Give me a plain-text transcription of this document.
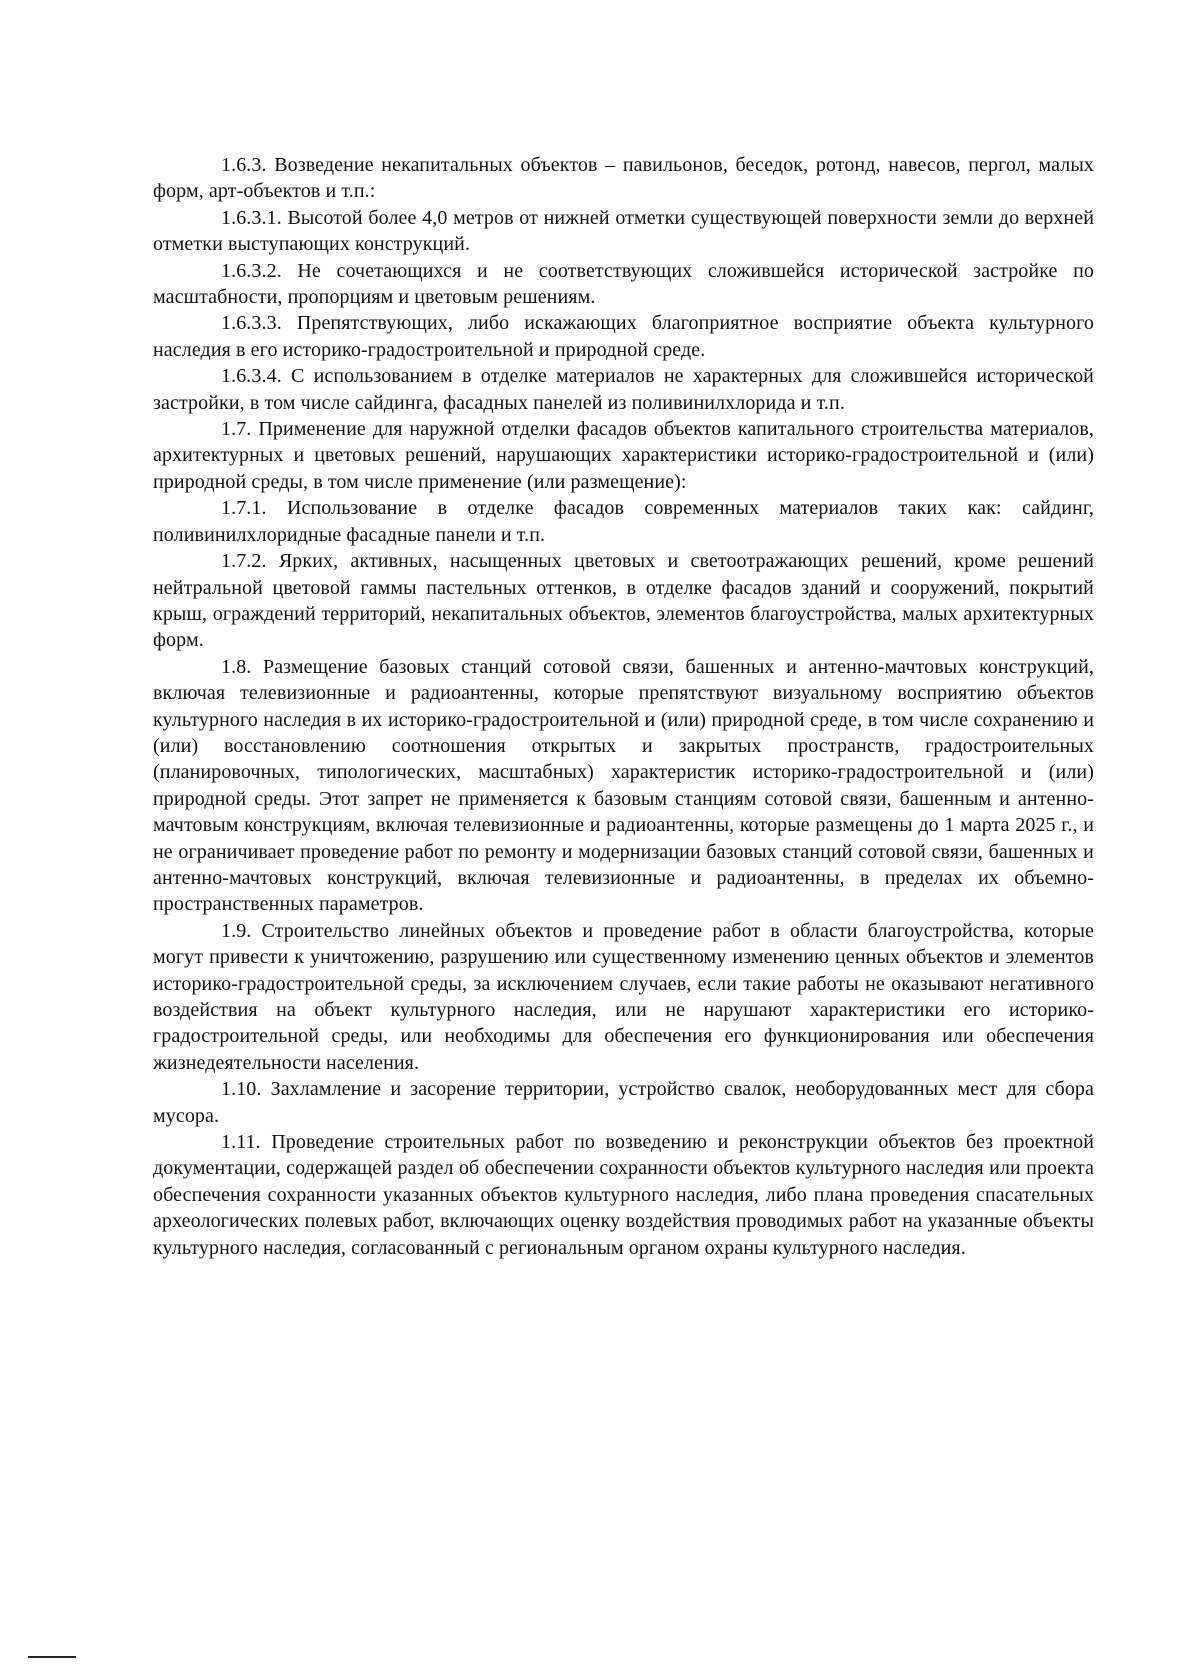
1.6.3. Возведение некапитальных объектов – павильонов, беседок, ротонд, навесов, пергол, малых форм, арт-объектов и т.п.:

1.6.3.1. Высотой более 4,0 метров от нижней отметки существующей поверхности земли до верхней отметки выступающих конструкций.

1.6.3.2. Не сочетающихся и не соответствующих сложившейся исторической застройке по масштабности, пропорциям и цветовым решениям.

1.6.3.3. Препятствующих, либо искажающих благоприятное восприятие объекта культурного наследия в его историко-градостроительной и природной среде.

1.6.3.4. С использованием в отделке материалов не характерных для сложившейся исторической застройки, в том числе сайдинга, фасадных панелей из поливинилхлорида и т.п.

1.7. Применение для наружной отделки фасадов объектов капитального строительства материалов, архитектурных и цветовых решений, нарушающих характеристики историко-градостроительной и (или) природной среды, в том числе применение (или размещение):

1.7.1. Использование в отделке фасадов современных материалов таких как: сайдинг, поливинилхлоридные фасадные панели и т.п.

1.7.2. Ярких, активных, насыщенных цветовых и светоотражающих решений, кроме решений нейтральной цветовой гаммы пастельных оттенков, в отделке фасадов зданий и сооружений, покрытий крыш, ограждений территорий, некапитальных объектов, элементов благоустройства, малых архитектурных форм.

1.8. Размещение базовых станций сотовой связи, башенных и антенно-мачтовых конструкций, включая телевизионные и радиоантенны, которые препятствуют визуальному восприятию объектов культурного наследия в их историко-градостроительной и (или) природной среде, в том числе сохранению и (или) восстановлению соотношения открытых и закрытых пространств, градостроительных (планировочных, типологических, масштабных) характеристик историко-градостроительной и (или) природной среды. Этот запрет не применяется к базовым станциям сотовой связи, башенным и антенно-мачтовым конструкциям, включая телевизионные и радиоантенны, которые размещены до 1 марта 2025 г., и не ограничивает проведение работ по ремонту и модернизации базовых станций сотовой связи, башенных и антенно-мачтовых конструкций, включая телевизионные и радиоантенны, в пределах их объемно-пространственных параметров.

1.9. Строительство линейных объектов и проведение работ в области благоустройства, которые могут привести к уничтожению, разрушению или существенному изменению ценных объектов и элементов историко-градостроительной среды, за исключением случаев, если такие работы не оказывают негативного воздействия на объект культурного наследия, или не нарушают характеристики его историко-градостроительной среды, или необходимы для обеспечения его функционирования или обеспечения жизнедеятельности населения.

1.10. Захламление и засорение территории, устройство свалок, необорудованных мест для сбора мусора.

1.11. Проведение строительных работ по возведению и реконструкции объектов без проектной документации, содержащей раздел об обеспечении сохранности объектов культурного наследия или проекта обеспечения сохранности указанных объектов культурного наследия, либо плана проведения спасательных археологических полевых работ, включающих оценку воздействия проводимых работ на указанные объекты культурного наследия, согласованный с региональным органом охраны культурного наследия.
